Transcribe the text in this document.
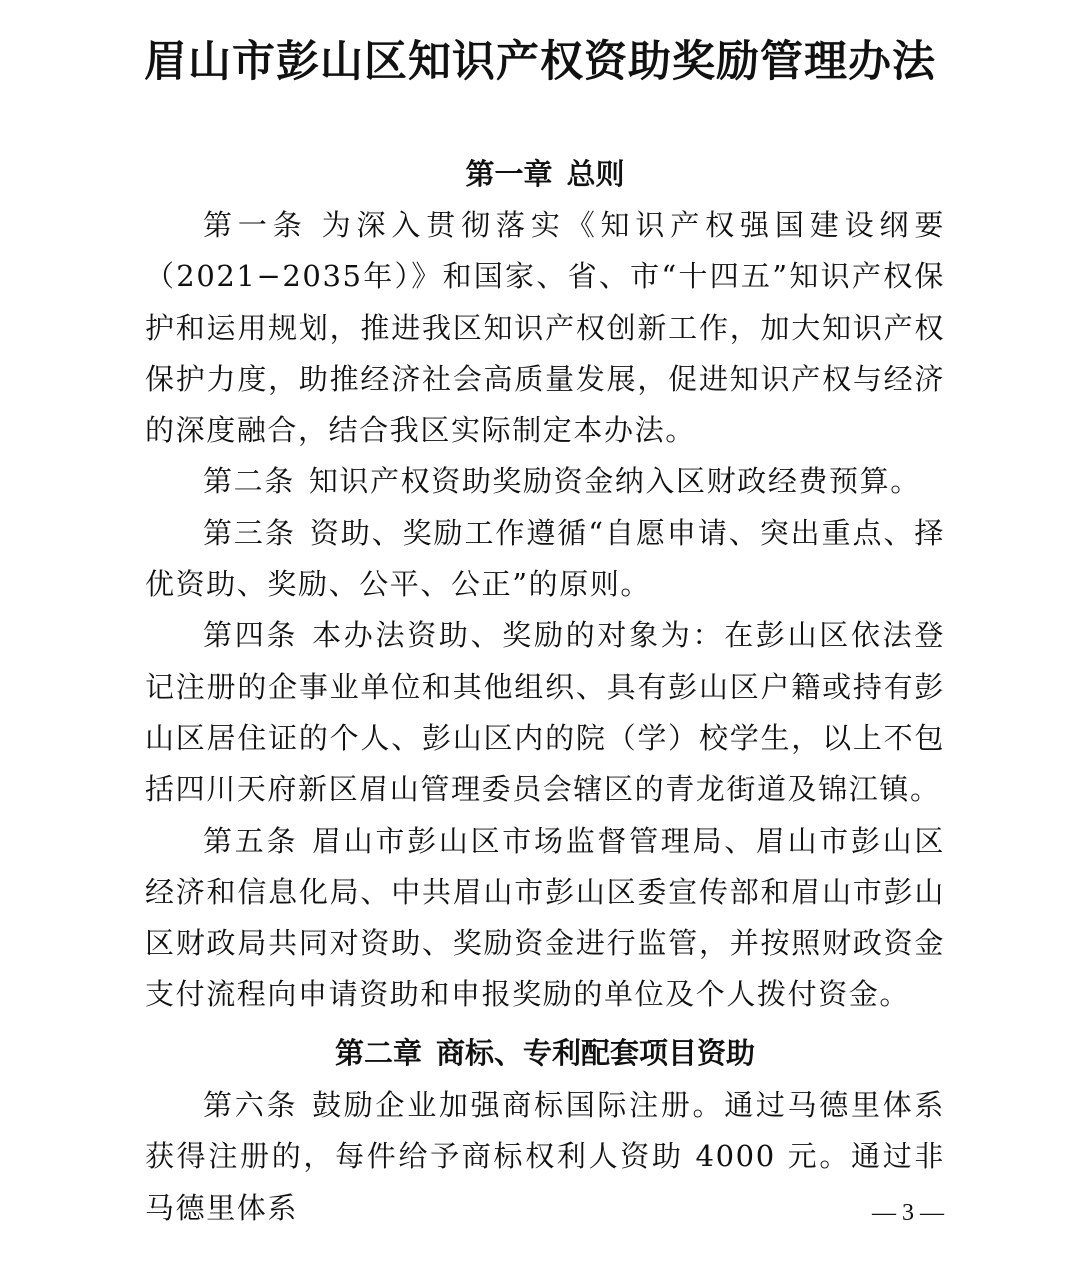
眉山市彭山区知识产权资助奖励管理办法
第一章 总则

第一条 为深入贯彻落实《知识产权强国建设纲要（2021−2035年）》和国家、省、市“十四五”知识产权保护和运用规划，推进我区知识产权创新工作，加大知识产权保护力度，助推经济社会高质量发展，促进知识产权与经济的深度融合，结合我区实际制定本办法。

第二条 知识产权资助奖励资金纳入区财政经费预算。

第三条 资助、奖励工作遵循“自愿申请、突出重点、择优资助、奖励、公平、公正”的原则。

第四条 本办法资助、奖励的对象为：在彭山区依法登记注册的企事业单位和其他组织、具有彭山区户籍或持有彭山区居住证的个人、彭山区内的院（学）校学生，以上不包括四川天府新区眉山管理委员会辖区的青龙街道及锦江镇。

第五条 眉山市彭山区市场监督管理局、眉山市彭山区经济和信息化局、中共眉山市彭山区委宣传部和眉山市彭山区财政局共同对资助、奖励资金进行监管，并按照财政资金支付流程向申请资助和申报奖励的单位及个人拨付资金。

第二章 商标、专利配套项目资助

第六条 鼓励企业加强商标国际注册。通过马德里体系获得注册的，每件给予商标权利人资助 4000 元。通过非马德里体系	— 3 —
